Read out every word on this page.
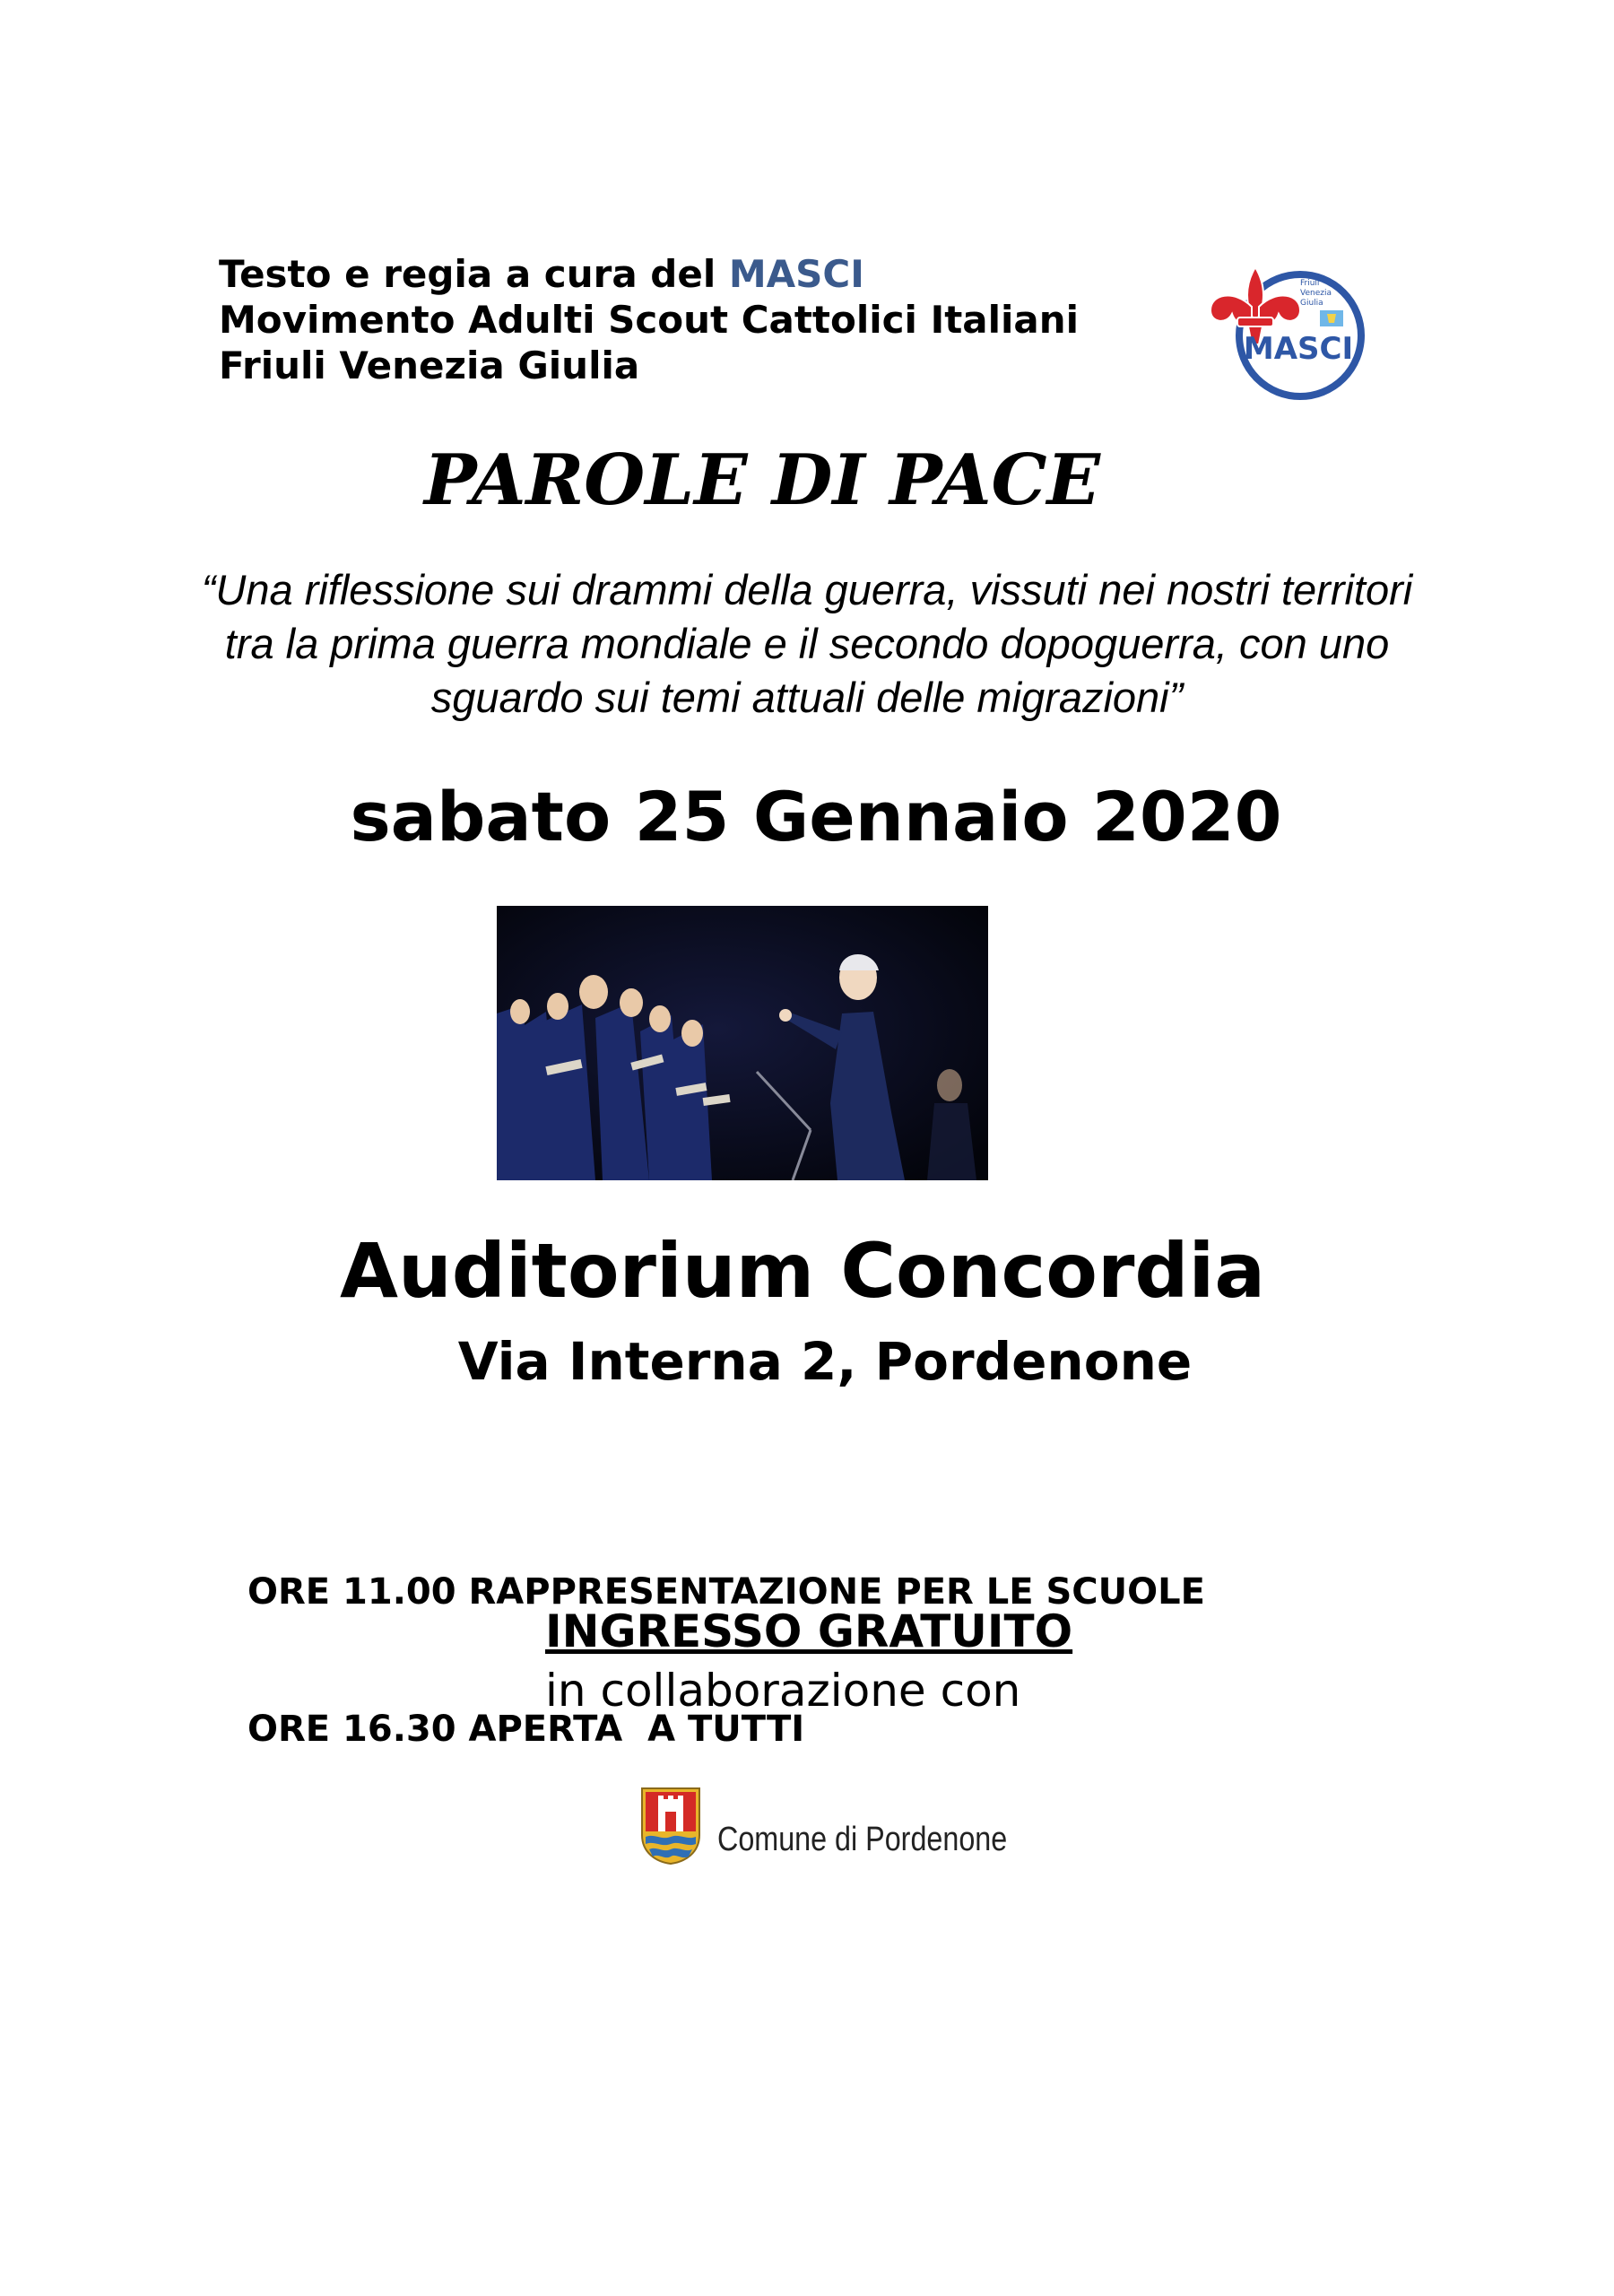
Testo e regia a cura del MASCI
Movimento Adulti Scout Cattolici Italiani
Friuli Venezia Giulia
Friuli
Venezia
Giulia
MASCI
PAROLE DI PACE
“Una riflessione sui drammi della guerra, vissuti nei nostri territori tra la prima guerra mondiale e il secondo dopoguerra, con uno sguardo sui temi attuali delle migrazioni”
sabato 25 Gennaio 2020
Auditorium Concordia
Via Interna 2, Pordenone

ORE 11.00 RAPPRESENTAZIONE PER LE SCUOLE

ORE 16.30 APERTA  A TUTTI

INGRESSO GRATUITO
in collaborazione con
Comune di Pordenone
